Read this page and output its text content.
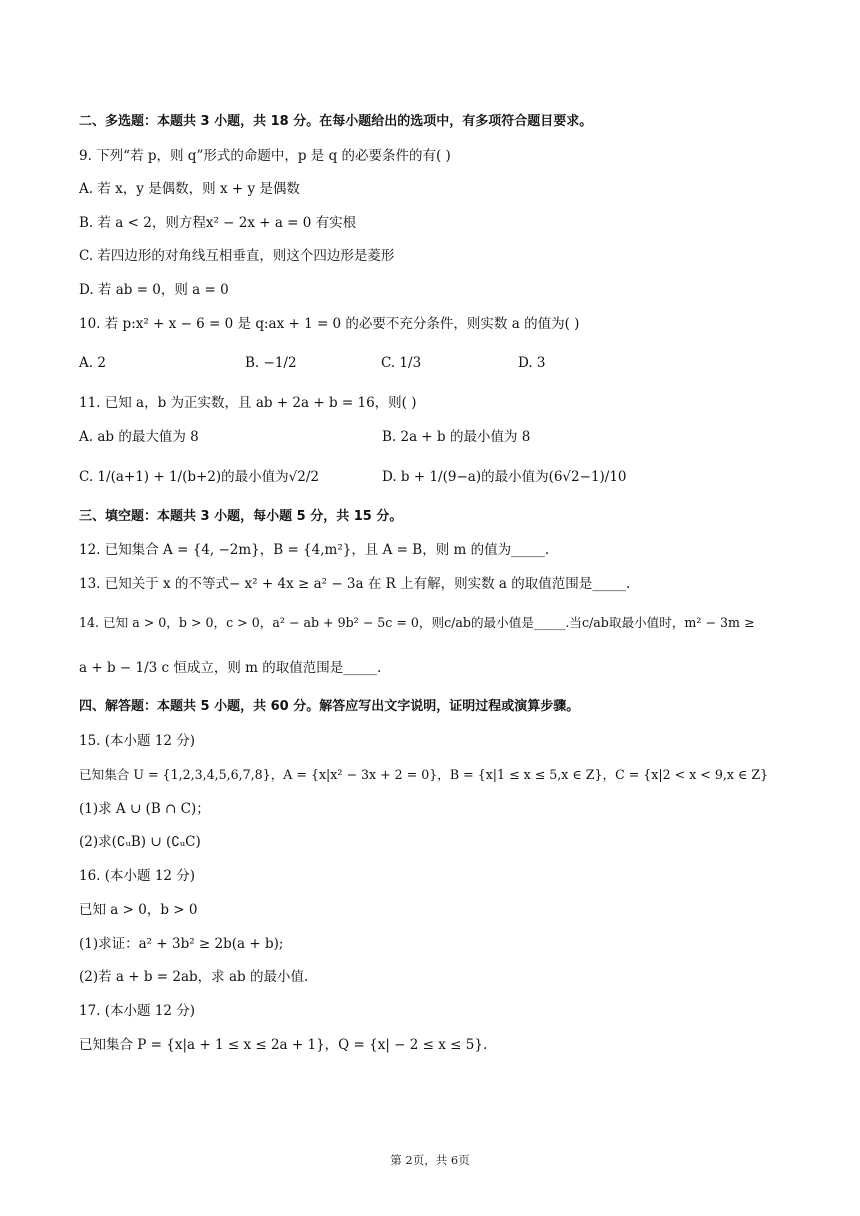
二、多选题：本题共 3 小题，共 18 分。在每小题给出的选项中，有多项符合题目要求。
9. 下列“若 p，则 q”形式的命题中，p 是 q 的必要条件的有( )
A. 若 x，y 是偶数，则 x + y 是偶数
B. 若 a < 2，则方程x² − 2x + a = 0 有实根
C. 若四边形的对角线互相垂直，则这个四边形是菱形
D. 若 ab = 0，则 a = 0
10. 若 p:x² + x − 6 = 0 是 q:ax + 1 = 0 的必要不充分条件，则实数 a 的值为( )
A. 2	B. −1/2	C. 1/3	D. 3
11. 已知 a，b 为正实数，且 ab + 2a + b = 16，则( )
A. ab 的最大值为 8	B. 2a + b 的最小值为 8
C. 1/(a+1) + 1/(b+2)的最小值为√2/2	D. b + 1/(9−a)的最小值为(6√2−1)/10
三、填空题：本题共 3 小题，每小题 5 分，共 15 分。
12. 已知集合 A = {4, −2m}，B = {4,m²}，且 A = B，则 m 的值为_____.
13. 已知关于 x 的不等式− x² + 4x ≥ a² − 3a 在 R 上有解，则实数 a 的取值范围是_____.
14. 已知 a > 0，b > 0，c > 0，a² − ab + 9b² − 5c = 0，则c/ab的最小值是_____.当c/ab取最小值时，m² − 3m ≥
a + b − 1/3 c 恒成立，则 m 的取值范围是_____.
四、解答题：本题共 5 小题，共 60 分。解答应写出文字说明，证明过程或演算步骤。
15. (本小题 12 分)
已知集合 U = {1,2,3,4,5,6,7,8}，A = {x|x² − 3x + 2 = 0}，B = {x|1 ≤ x ≤ 5,x ∈ Z}，C = {x|2 < x < 9,x ∈ Z}
(1)求 A ∪ (B ∩ C)；
(2)求(∁ᵤB) ∪ (∁ᵤC)
16. (本小题 12 分)
已知 a > 0，b > 0
(1)求证：a² + 3b² ≥ 2b(a + b);
(2)若 a + b = 2ab，求 ab 的最小值.
17. (本小题 12 分)
已知集合 P = {x|a + 1 ≤ x ≤ 2a + 1}，Q = {x| − 2 ≤ x ≤ 5}.
第 2页，共 6页
